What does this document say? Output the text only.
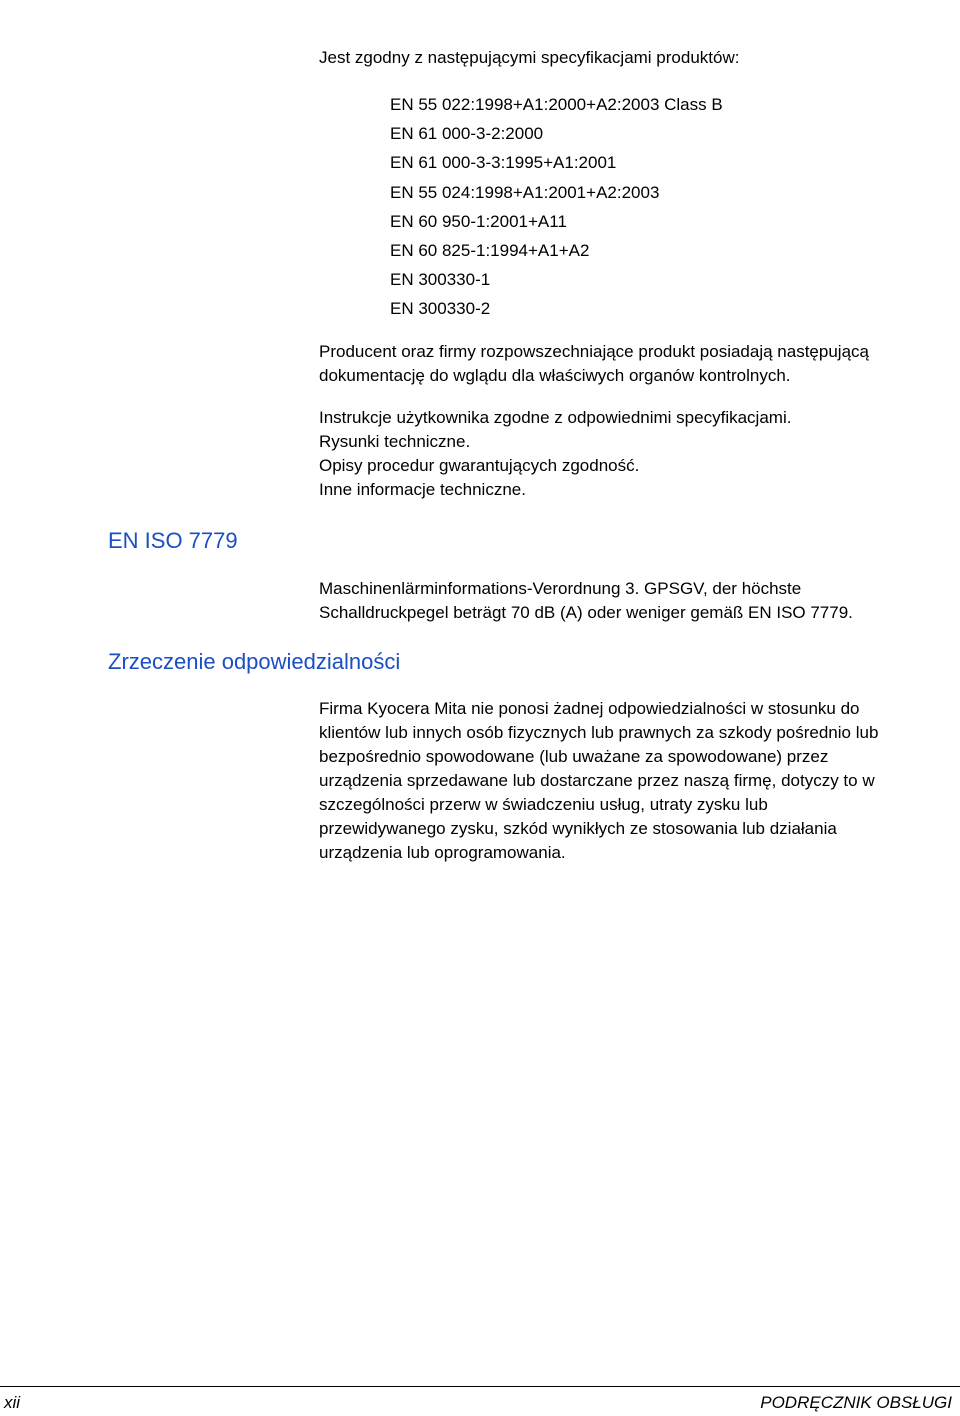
Jest zgodny z następującymi specyfikacjami produktów:
EN 55 022:1998+A1:2000+A2:2003 Class B
EN 61 000-3-2:2000
EN 61 000-3-3:1995+A1:2001
EN 55 024:1998+A1:2001+A2:2003
EN 60 950-1:2001+A11
EN 60 825-1:1994+A1+A2
EN 300330-1
EN 300330-2
Producent oraz firmy rozpowszechniające produkt posiadają następującą
dokumentację do wglądu dla właściwych organów kontrolnych.
Instrukcje użytkownika zgodne z odpowiednimi specyfikacjami.
Rysunki techniczne.
Opisy procedur gwarantujących zgodność.
Inne informacje techniczne.
EN ISO 7779
Maschinenlärminformations-Verordnung 3. GPSGV, der höchste
Schalldruckpegel beträgt 70 dB (A) oder weniger gemäß EN ISO 7779.
Zrzeczenie odpowiedzialności
Firma Kyocera Mita nie ponosi żadnej odpowiedzialności w stosunku do
klientów lub innych osób fizycznych lub prawnych za szkody pośrednio lub
bezpośrednio spowodowane (lub uważane za spowodowane) przez
urządzenia sprzedawane lub dostarczane przez naszą firmę, dotyczy to w
szczególności przerw w świadczeniu usług, utraty zysku lub
przewidywanego zysku, szkód wynikłych ze stosowania lub działania
urządzenia lub oprogramowania.
xii	PODRĘCZNIK OBSŁUGI
